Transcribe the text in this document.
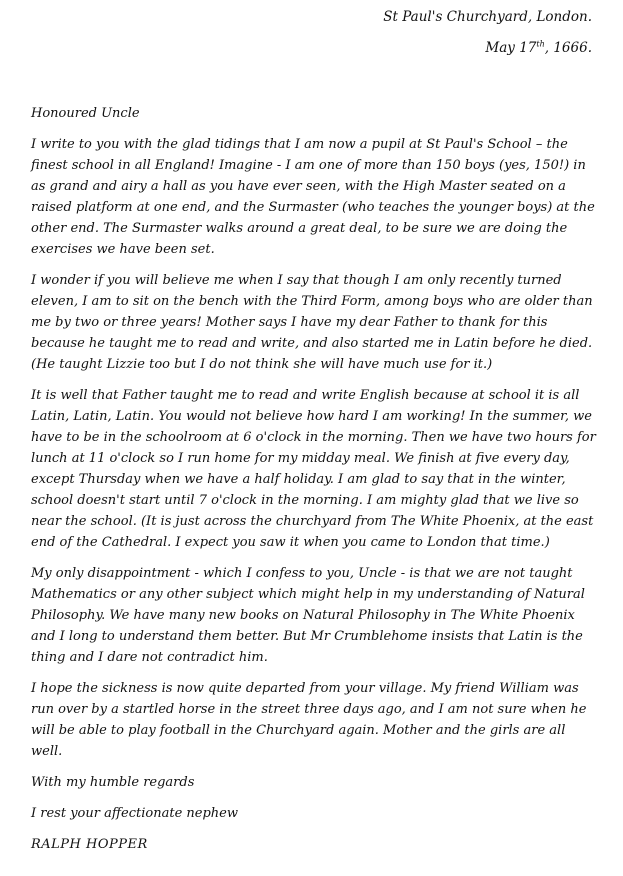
St Paul's Churchyard, London.
May 17th, 1666.

Honoured Uncle

I write to you with the glad tidings that I am now a pupil at St Paul's School – the finest school in all England! Imagine - I am one of more than 150 boys (yes, 150!) in as grand and airy a hall as you have ever seen, with the High Master seated on a raised platform at one end, and the Surmaster (who teaches the younger boys) at the other end. The Surmaster walks around a great deal, to be sure we are doing the exercises we have been set.

I wonder if you will believe me when I say that though I am only recently turned eleven, I am to sit on the bench with the Third Form, among boys who are older than me by two or three years! Mother says I have my dear Father to thank for this because he taught me to read and write, and also started me in Latin before he died. (He taught Lizzie too but I do not think she will have much use for it.)

It is well that Father taught me to read and write English because at school it is all Latin, Latin, Latin. You would not believe how hard I am working! In the summer, we have to be in the schoolroom at 6 o'clock in the morning. Then we have two hours for lunch at 11 o'clock so I run home for my midday meal. We finish at five every day, except Thursday when we have a half holiday. I am glad to say that in the winter, school doesn't start until 7 o'clock in the morning. I am mighty glad that we live so near the school. (It is just across the churchyard from The White Phoenix, at the east end of the Cathedral. I expect you saw it when you came to London that time.)

My only disappointment - which I confess to you, Uncle - is that we are not taught Mathematics or any other subject which might help in my understanding of Natural Philosophy. We have many new books on Natural Philosophy in The White Phoenix and I long to understand them better. But Mr Crumblehome insists that Latin is the thing and I dare not contradict him.

I hope the sickness is now quite departed from your village. My friend William was run over by a startled horse in the street three days ago, and I am not sure when he will be able to play football in the Churchyard again. Mother and the girls are all well.

With my humble regards

I rest your affectionate nephew

RALPH HOPPER
